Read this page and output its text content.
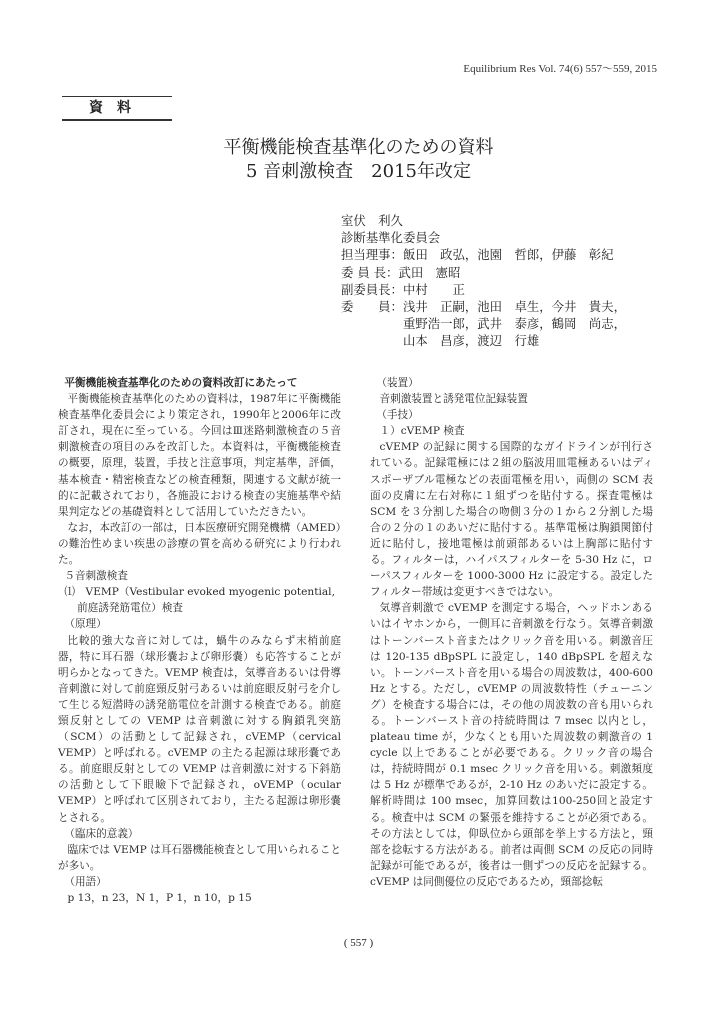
Equilibrium Res Vol. 74(6) 557～559, 2015
資料
平衡機能検査基準化のための資料
5 音刺激検査　2015年改定
室伏　利久
診断基準化委員会
担当理事：飯田　政弘，池園　哲郎，伊藤　彰紀
委 員 長：武田　憲昭
副委員長：中村　　正
委　　員：浅井　正嗣，池田　卓生，今井　貴夫，
　　　　　重野浩一郎，武井　泰彦，鶴岡　尚志，
　　　　　山本　昌彦，渡辺　行雄
平衡機能検査基準化のための資料改訂にあたって

平衡機能検査基準化のための資料は，1987年に平衡機能検査基準化委員会により策定され，1990年と2006年に改訂され，現在に至っている。今回はⅢ迷路刺激検査の５音刺激検査の項目のみを改訂した。本資料は，平衡機能検査の概要，原理，装置，手技と注意事項，判定基準，評価，基本検査・精密検査などの検査種類，関連する文献が統一的に記載されており，各施設における検査の実施基準や結果判定などの基礎資料として活用していただきたい。

なお，本改訂の一部は，日本医療研究開発機構（AMED）の難治性めまい疾患の診療の質を高める研究により行われた。

５音刺激検査
⑴　VEMP（Vestibular evoked myogenic potential,
前庭誘発筋電位）検査
（原理）

比較的強大な音に対しては，蝸牛のみならず末梢前庭器，特に耳石器（球形嚢および卵形嚢）も応答することが明らかとなってきた。VEMP 検査は，気導音あるいは骨導音刺激に対して前庭頸反射弓あるいは前庭眼反射弓を介して生じる短潜時の誘発筋電位を計測する検査である。前庭頸反射としての VEMP は音刺激に対する胸鎖乳突筋（SCM）の活動として記録され，cVEMP（cervical VEMP）と呼ばれる。cVEMP の主たる起源は球形嚢である。前庭眼反射としての VEMP は音刺激に対する下斜筋の活動として下眼瞼下で記録され，oVEMP（ocular VEMP）と呼ばれて区別されており，主たる起源は卵形嚢とされる。

（臨床的意義）

臨床では VEMP は耳石器機能検査として用いられることが多い。

（用語）

p 13，n 23，N 1，P 1，n 10，p 15

（装置）

音刺激装置と誘発電位記録装置

（手技）

１）cVEMP 検査

cVEMP の記録に関する国際的なガイドラインが刊行されている。記録電極には２組の脳波用皿電極あるいはディスポーザブル電極などの表面電極を用い，両側の SCM 表面の皮膚に左右対称に１組ずつを貼付する。探査電極は SCM を３分割した場合の吻側３分の１から２分割した場合の２分の１のあいだに貼付する。基準電極は胸鎖関節付近に貼付し，接地電極は前頭部あるいは上胸部に貼付する。フィルターは，ハイパスフィルターを 5-30 Hz に，ローパスフィルターを 1000-3000 Hz に設定する。設定したフィルター帯域は変更すべきではない。

気導音刺激で cVEMP を測定する場合，ヘッドホンあるいはイヤホンから，一側耳に音刺激を行なう。気導音刺激はトーンバースト音またはクリック音を用いる。刺激音圧は 120-135 dBpSPL に設定し，140 dBpSPL を超えない。トーンバースト音を用いる場合の周波数は，400-600 Hz とする。ただし，cVEMP の周波数特性（チューニング）を検査する場合には，その他の周波数の音も用いられる。トーンバースト音の持続時間は 7 msec 以内とし，plateau time が，少なくとも用いた周波数の刺激音の 1 cycle 以上であることが必要である。クリック音の場合は，持続時間が 0.1 msec クリック音を用いる。刺激頻度は 5 Hz が標準であるが，2-10 Hz のあいだに設定する。解析時間は 100 msec，加算回数は100-250回と設定する。検査中は SCM の緊張を維持することが必須である。その方法としては，仰臥位から頭部を挙上する方法と，頸部を捻転する方法がある。前者は両側 SCM の反応の同時記録が可能であるが，後者は一側ずつの反応を記録する。cVEMP は同側優位の反応であるため，頸部捻転

( 557 )
